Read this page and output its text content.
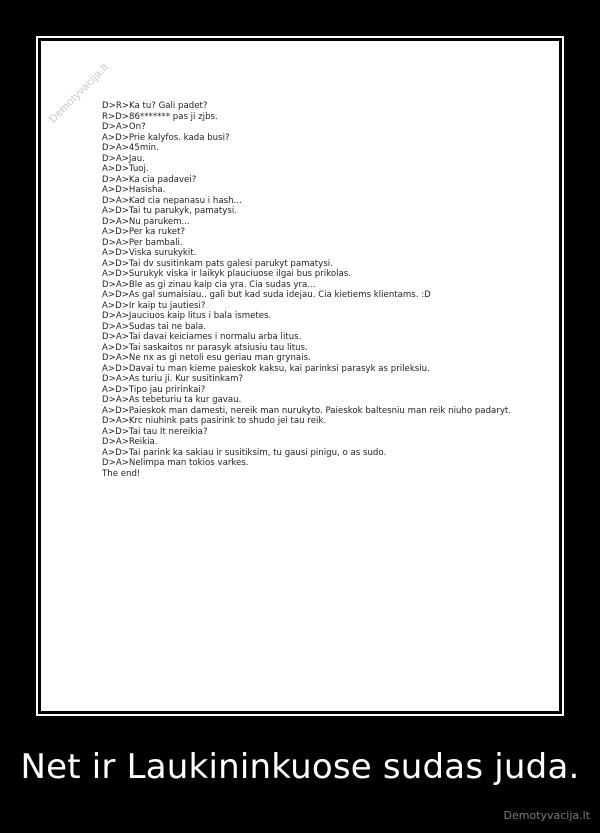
Demotyvacija.lt
D>R>Ka tu? Gali padet?
R>D>86******* pas ji zjbs.
D>A>On?
A>D>Prie kalyfos. kada busi?
D>A>45min.
D>A>Jau.
A>D>Tuoj.
D>A>Ka cia padavei?
A>D>Hasisha.
D>A>Kad cia nepanasu i hash...
A>D>Tai tu parukyk, pamatysi.
D>A>Nu parukem...
A>D>Per ka ruket?
D>A>Per bambali.
A>D>Viska surukykit.
A>D>Tai dv susitinkam pats galesi parukyt pamatysi.
A>D>Surukyk viska ir laikyk plauciuose ilgai bus prikolas.
D>A>Ble as gi zinau kaip cia yra. Cia sudas yra...
A>D>As gal sumaisiau.. gali but kad suda idejau. Cia kietiems klientams. :D
A>D>Ir kaip tu jautiesi?
D>A>Jauciuos kaip litus i bala ismetes.
D>A>Sudas tai ne bala.
D>A>Tai davai keiciames i normalu arba litus.
A>D>Tai saskaitos nr parasyk atsiusiu tau litus.
D>A>Ne nx as gi netoli esu geriau man grynais.
A>D>Davai tu man kieme paieskok kaksu, kai parinksi parasyk as prileksiu.
D>A>As turiu ji. Kur susitinkam?
A>D>Tipo jau pririnkai?
D>A>As tebeturiu ta kur gavau.
A>D>Paieskok man damesti, nereik man nurukyto. Paieskok baltesniu man reik niuho padaryt.
D>A>Krc niuhink pats pasirink to shudo jei tau reik.
A>D>Tai tau It nereikia?
D>A>Reikia.
A>D>Tai parink ka sakiau ir susitiksim, tu gausi pinigu, o as sudo.
D>A>Nelimpa man tokios varkes.
The end!
Net ir Laukininkuose sudas juda.
Demotyvacija.lt
